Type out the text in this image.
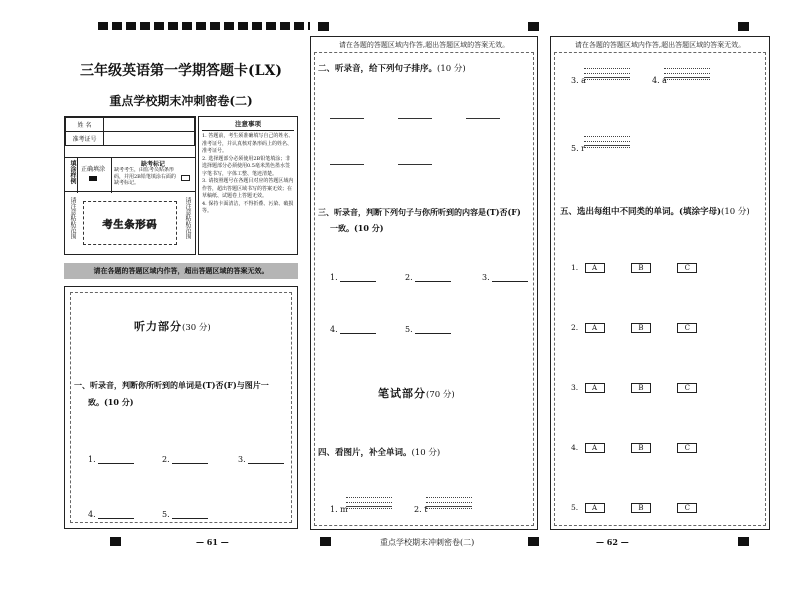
三年级英语第一学期答题卡(LX)
重点学校期末冲刺密卷(二)
姓 名	
准考证号	
填涂样例 正确填涂
缺考标记
缺考考生，由监考员贴条形码，并用2B铅笔填涂右面的缺考标记。
请注意粘贴范围	考生条形码	请注意粘贴范围
注意事项
1. 答题前，考生须准确填写自己的姓名、准考证号，并认真核对条形码上的姓名、准考证号。
2. 选择题部分必须使用2B铅笔填涂；非选择题部分必须使用0.5毫米黑色墨水签字笔书写，字体工整、笔迹清楚。
3. 请按照题号在各题目对应的答题区域内作答，超出答题区域书写的答案无效；在草稿纸、试题卷上答题无效。
4. 保持卡面清洁，不得折叠、污染、破损等。
请在各题的答题区域内作答，超出答题区域的答案无效。
听力部分(30 分)
一、听录音，判断你所听到的单词是(T)否(F)与图片一
致。(10 分)
1.	2.	3.
4.	5.
请在各题的答题区域内作答,超出答题区域的答案无效。
二、听录音，给下列句子排序。(10 分)
三、听录音，判断下列句子与你所听到的内容是(T)否(F)
一致。(10 分)
1.	2.	3.
4.	5.
笔试部分(70 分)
四、看图片，补全单词。(10 分)
1. m	2. t
请在各题的答题区域内作答,超出答题区域的答案无效。
3. a	4. a
5. r
五、选出每组中不同类的单词。(填涂字母)(10 分)
1. A	B	C
2. A	B	C
3. A	B	C
4. A	B	C
5. A	B	C
— 61 —	重点学校期末冲刺密卷(二)	— 62 —
